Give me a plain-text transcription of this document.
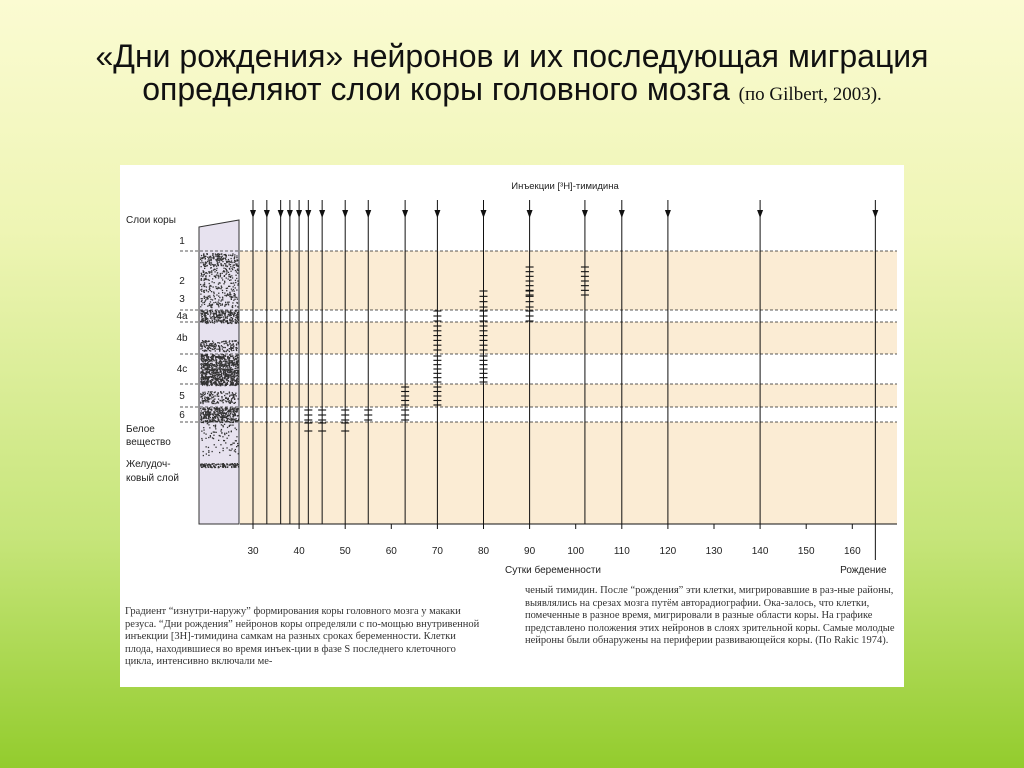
«Дни рождения» нейронов и их последующая миграция определяют слои коры головного мозга (по Gilbert, 2003).
30	40	50	60	70	80	90	100	110	120	130	140	150	160
Инъекции [³H]-тимидина
Слои коры
1
2
3
4a
4b
4c
5
6
Белое
вещество
Желудоч-
ковый слой
Сутки беременности	Рождение
Градиент “изнутри-наружу” формирования коры головного мозга у макаки резуса. “Дни рождения” нейронов коры определяли с по-мощью внутривенной инъекции [3H]-тимидина самкам на разных сроках беременности. Клетки плода, находившиеся во время инъек-ции в фазе S последнего клеточного цикла, интенсивно включали ме-
ченый тимидин. После “рождения” эти клетки, мигрировавшие в раз-ные районы, выявлялись на срезах мозга путём авторадиографии. Ока-залось, что клетки, помеченные в разное время, мигрировали в разные области коры. На графике представлено положения этих нейронов в слоях зрительной коры. Самые молодые нейроны были обнаружены на периферии развивающейся коры. (По Rakic 1974).
